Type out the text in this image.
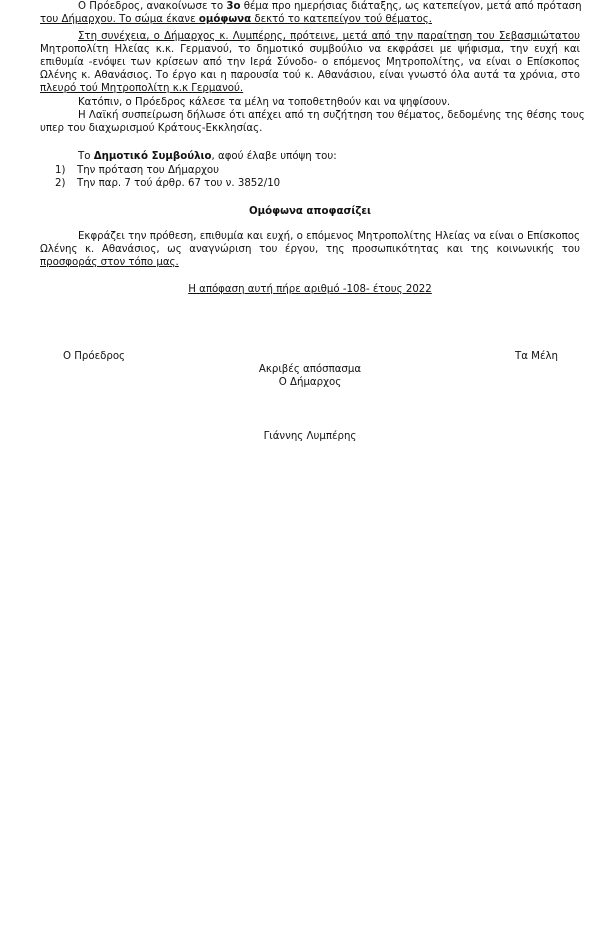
Ο Πρόεδρος, ανακοίνωσε το 3ο θέμα προ ημερήσιας διάταξης, ως κατεπείγον, μετά από πρόταση
του Δήμαρχου. Το σώμα έκανε ομόφωνα δεκτό το κατεπείγον τού θέματος.
Στη συνέχεια, ο Δήμαρχος κ. Λυμπέρης, πρότεινε, μετά από την παραίτηση του Σεβασμιώτατου
Μητροπολίτη Ηλείας κ.κ. Γερμανού, το δημοτικό συμβούλιο να εκφράσει με ψήφισμα, την ευχή και
επιθυμία -ενόψει των κρίσεων από την Ιερά Σύνοδο- ο επόμενος Μητροπολίτης, να είναι ο Επίσκοπος
Ωλένης κ. Αθανάσιος. Το έργο και η παρουσία τού κ. Αθανάσιου, είναι γνωστό όλα αυτά τα χρόνια, στο
πλευρό τού Μητροπολίτη κ.κ Γερμανού.
Κατόπιν, ο Πρόεδρος κάλεσε τα μέλη να τοποθετηθούν και να ψηφίσουν.
Η Λαϊκή συσπείρωση δήλωσε ότι απέχει από τη συζήτηση του θέματος, δεδομένης της θέσης τους
υπερ του διαχωρισμού Κράτους-Εκκλησίας.
Το Δημοτικό Συμβούλιο, αφού έλαβε υπόψη του:
1) Την πρόταση του Δήμαρχου
2) Την παρ. 7 τού άρθρ. 67 του ν. 3852/10
Ομόφωνα αποφασίζει
Εκφράζει την πρόθεση, επιθυμία και ευχή, ο επόμενος Μητροπολίτης Ηλείας να είναι ο Επίσκοπος
Ωλένης κ. Αθανάσιος, ως αναγνώριση του έργου, της προσωπικότητας και της κοινωνικής του
προσφοράς στον τόπο μας.
Η απόφαση αυτή πήρε αριθμό -108- έτους 2022
Ο Πρόεδρος	Τα Μέλη
Ακριβές απόσπασμα
Ο Δήμαρχος
Γιάννης Λυμπέρης
